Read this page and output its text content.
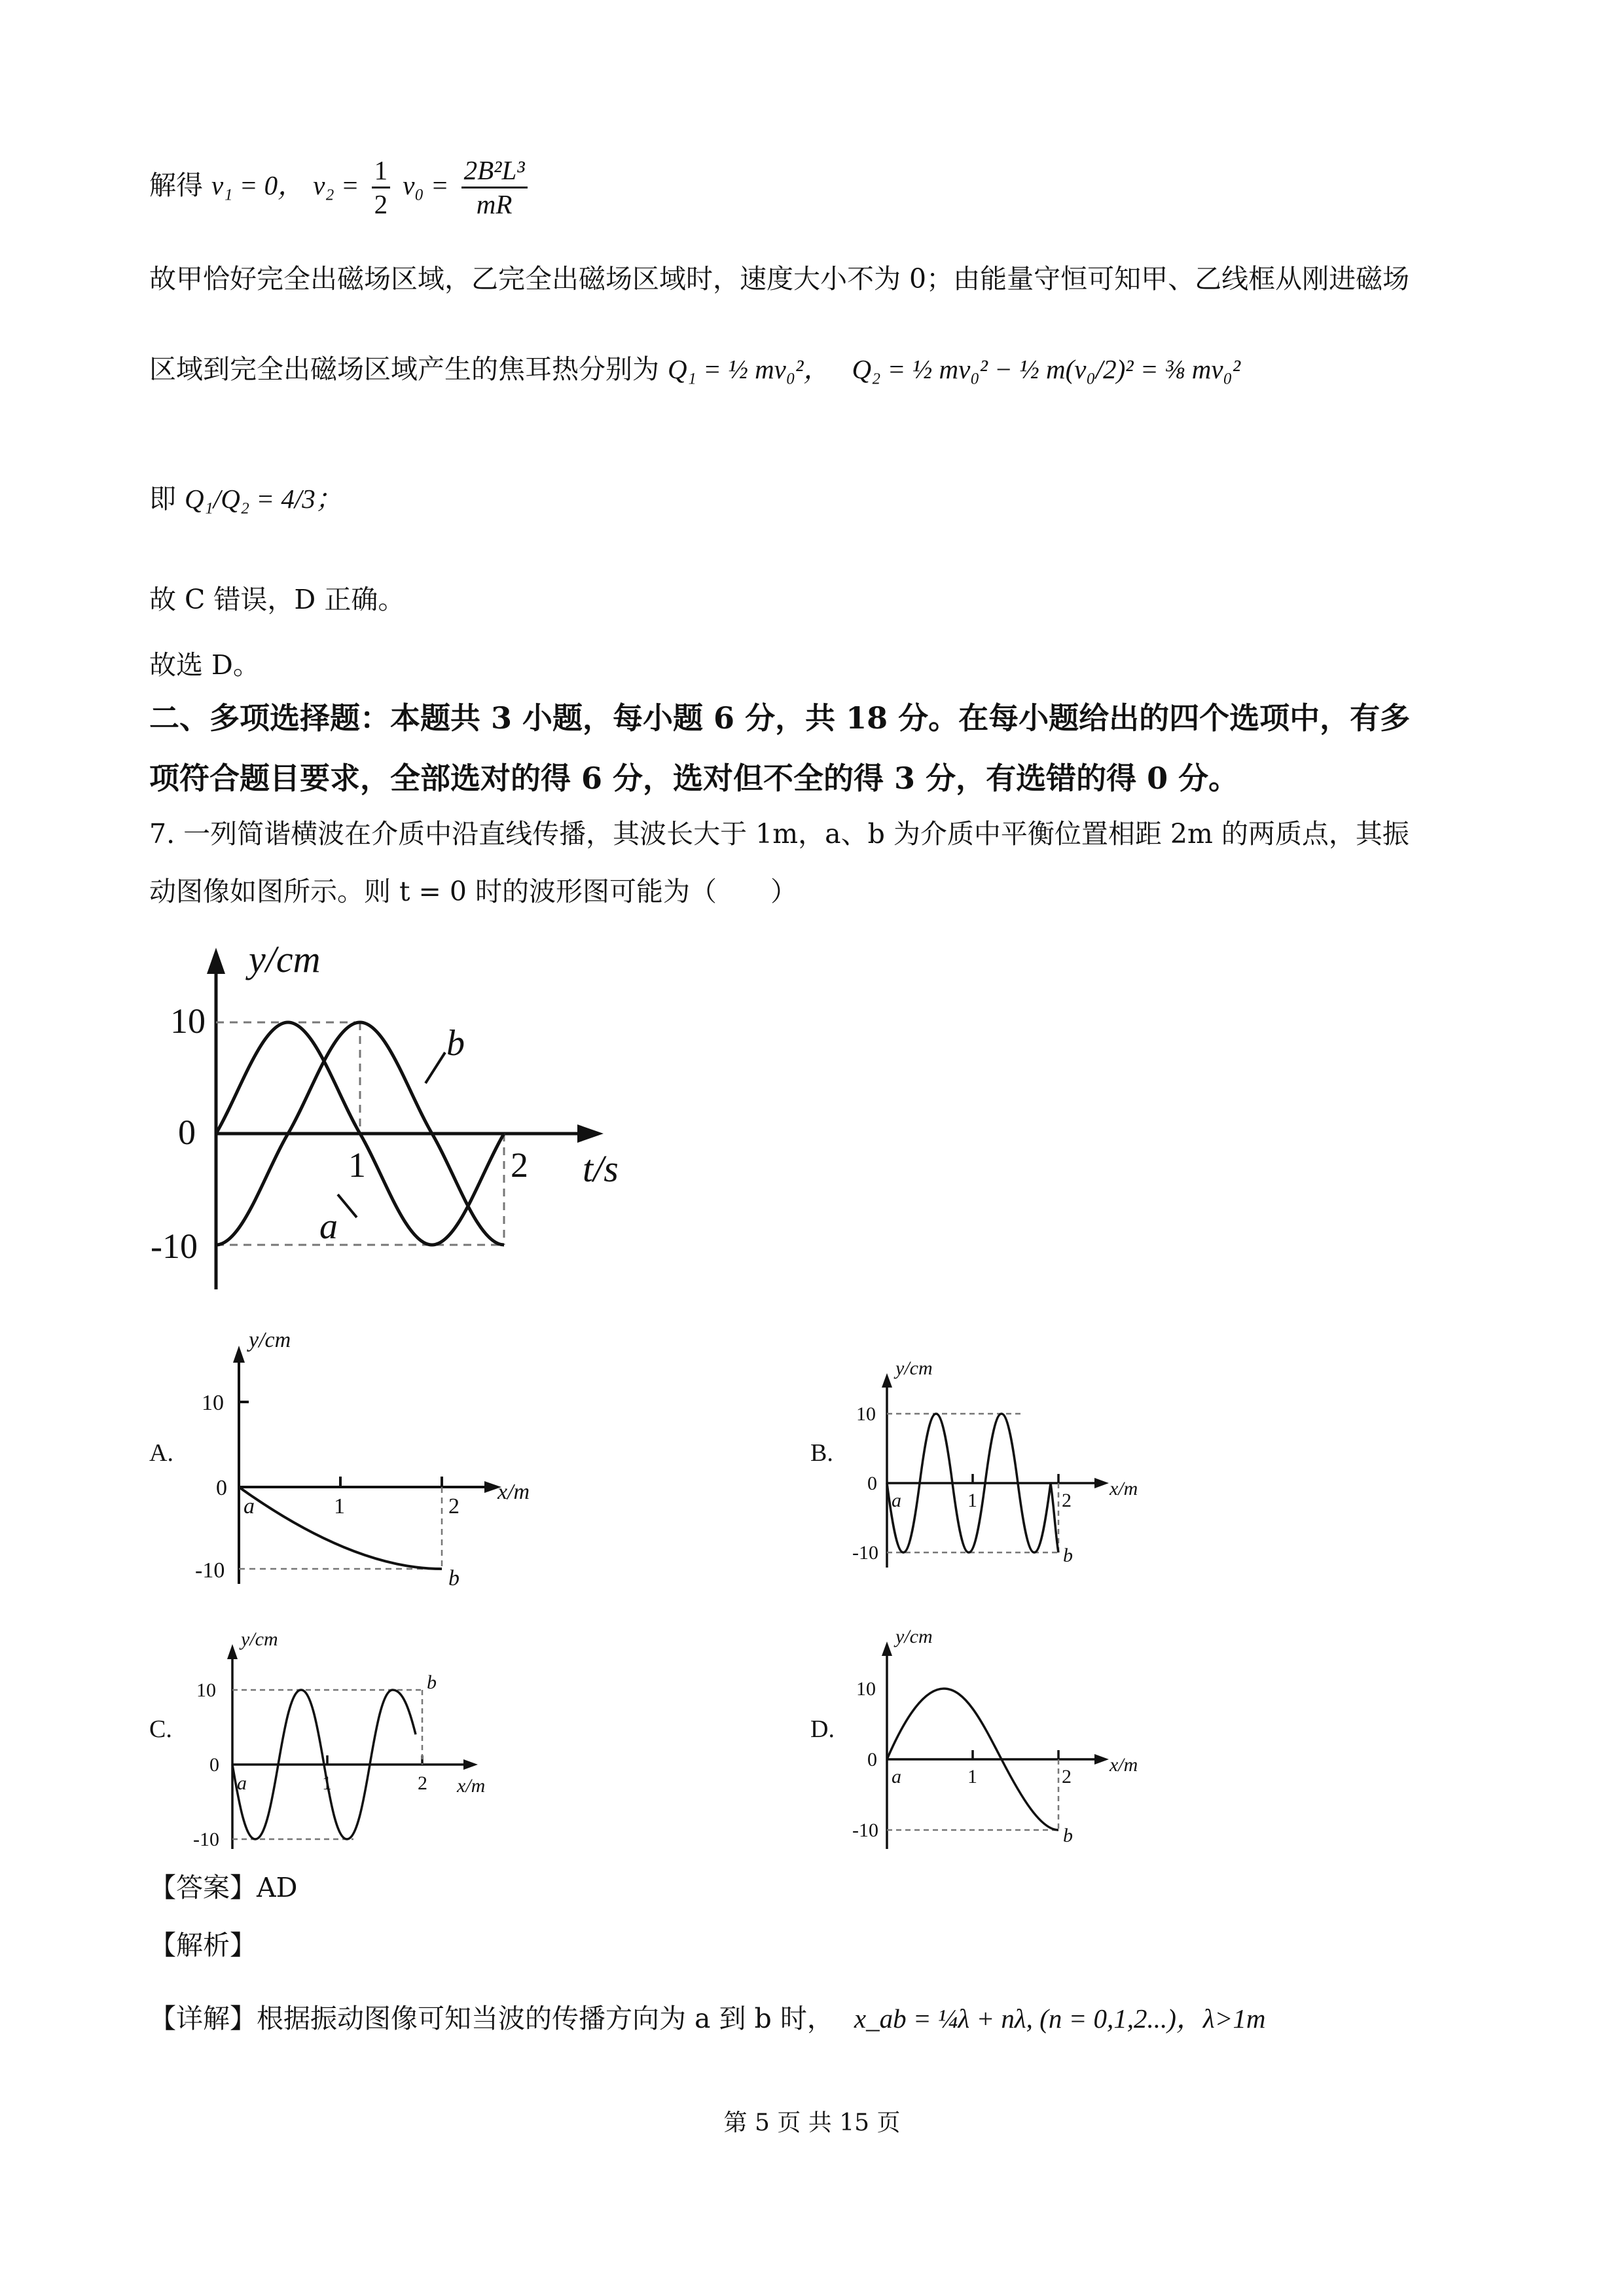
解得 v₁ = 0， $v_2 = \frac{1}{2} v_0 = \frac{\text{2B²L³}}{mR}$
故甲恰好完全出磁场区域，乙完全出磁场区域时，速度大小不为 0；由能量守恒可知甲、乙线框从刚进磁场
区域到完全出磁场区域产生的焦耳热分别为 Q₁ = ½ mv₀²， Q₂ = ½ mv₀² − ½ m(v₀/2)² = ⅜ mv₀²
即 Q₁/Q₂ = 4/3；
故 C 错误，D 正确。
故选 D。
二、多项选择题：本题共 3 小题，每小题 6 分，共 18 分。在每小题给出的四个选项中，有多
项符合题目要求，全部选对的得 6 分，选对但不全的得 3 分，有选错的得 0 分。
7. 一列简谐横波在介质中沿直线传播，其波长大于 1m，a、b 为介质中平衡位置相距 2m 的两质点，其振
动图像如图所示。则 t = 0 时的波形图可能为（　　）
y/cm
t/s
10
0
-10
1	2
b
a
A.	B.
C.	D.
y/cm
x/m
10
0
-10
1	2
a
b
y/cm
x/m
10
0
-10
1	2
a
b
y/cm
x/m
10
0
-10
1	2
a
b
y/cm
x/m
10
0
-10
1	2
a
b
【答案】AD
【解析】
【详解】根据振动图像可知当波的传播方向为 a 到 b 时， x_ab = ¼λ + nλ, (n = 0,1,2...)，λ>1m
第 5 页 共 15 页
